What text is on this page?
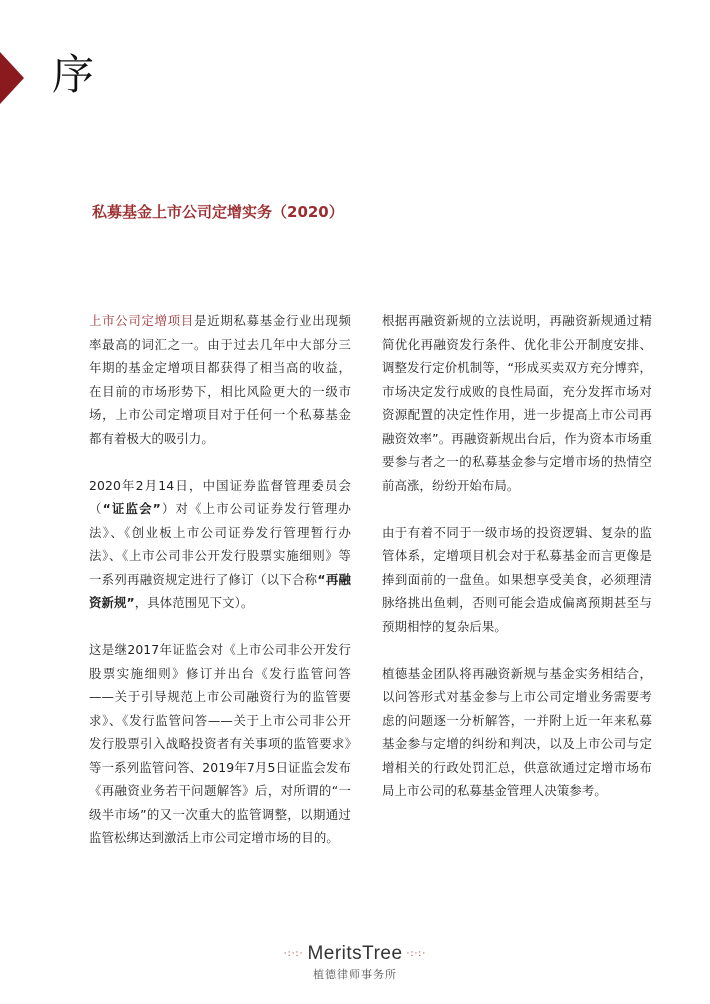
序
私募基金上市公司定增实务（2020）

上市公司定增项目是近期私募基金行业出现频率最高的词汇之一。由于过去几年中大部分三年期的基金定增项目都获得了相当高的收益，在目前的市场形势下，相比风险更大的一级市场，上市公司定增项目对于任何一个私募基金都有着极大的吸引力。

2020年2月14日，中国证券监督管理委员会（“证监会”）对《上市公司证券发行管理办法》、《创业板上市公司证券发行管理暂行办法》、《上市公司非公开发行股票实施细则》等一系列再融资规定进行了修订（以下合称“再融资新规”，具体范围见下文）。

这是继2017年证监会对《上市公司非公开发行股票实施细则》修订并出台《发行监管问答——关于引导规范上市公司融资行为的监管要求》、《发行监管问答——关于上市公司非公开发行股票引入战略投资者有关事项的监管要求》等一系列监管问答、2019年7月5日证监会发布《再融资业务若干问题解答》后，对所谓的“一级半市场”的又一次重大的监管调整，以期通过监管松绑达到激活上市公司定增市场的目的。

根据再融资新规的立法说明，再融资新规通过精简优化再融资发行条件、优化非公开制度安排、调整发行定价机制等，“形成买卖双方充分博弈，市场决定发行成败的良性局面，充分发挥市场对资源配置的决定性作用，进一步提高上市公司再融资效率”。再融资新规出台后，作为资本市场重要参与者之一的私募基金参与定增市场的热情空前高涨，纷纷开始布局。

由于有着不同于一级市场的投资逻辑、复杂的监管体系，定增项目机会对于私募基金而言更像是捧到面前的一盘鱼。如果想享受美食，必须理清脉络挑出鱼刺，否则可能会造成偏离预期甚至与预期相悖的复杂后果。

植德基金团队将再融资新规与基金实务相结合，以问答形式对基金参与上市公司定增业务需要考虑的问题逐一分析解答，一并附上近一年来私募基金参与定增的纠纷和判决，以及上市公司与定增相关的行政处罚汇总，供意欲通过定增市场布局上市公司的私募基金管理人决策参考。

·:·:· MeritsTree ·:·:·
植德律师事务所
